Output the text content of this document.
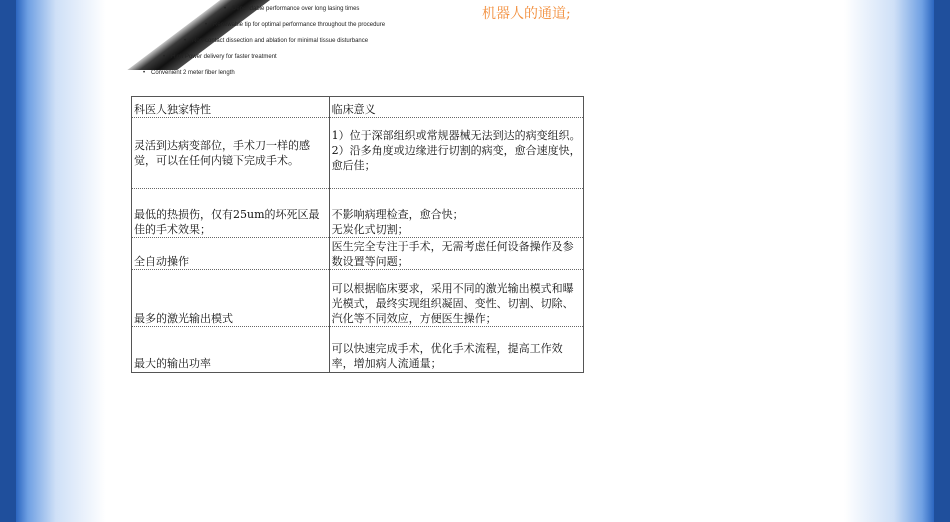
• Dependable performance over long lasing times
• Renewable tip for optimal performance throughout the procedure
• Non-contact dissection and ablation for minimal tissue disturbance
• High Power delivery for faster treatment
• Convenient 2 meter fiber length
机器人的通道;
科医人独家特性	临床意义
灵活到达病变部位，手术刀一样的感觉，可以在任何内镜下完成手术。	1）位于深部组织或常规器械无法到达的病变组织。
2）沿多角度或边缘进行切割的病变，愈合速度快，愈后佳；

最低的热损伤，仅有25um的坏死区最佳的手术效果；	不影响病理检查，愈合快；
无炭化式切割；

全自动操作	医生完全专注于手术，无需考虑任何设备操作及参数设置等问题；
最多的激光输出模式	可以根据临床要求，采用不同的激光输出模式和曝光模式，最终实现组织凝固、变性、切割、切除、汽化等不同效应，方便医生操作；
最大的输出功率	可以快速完成手术，优化手术流程，提高工作效率，增加病人流通量；
